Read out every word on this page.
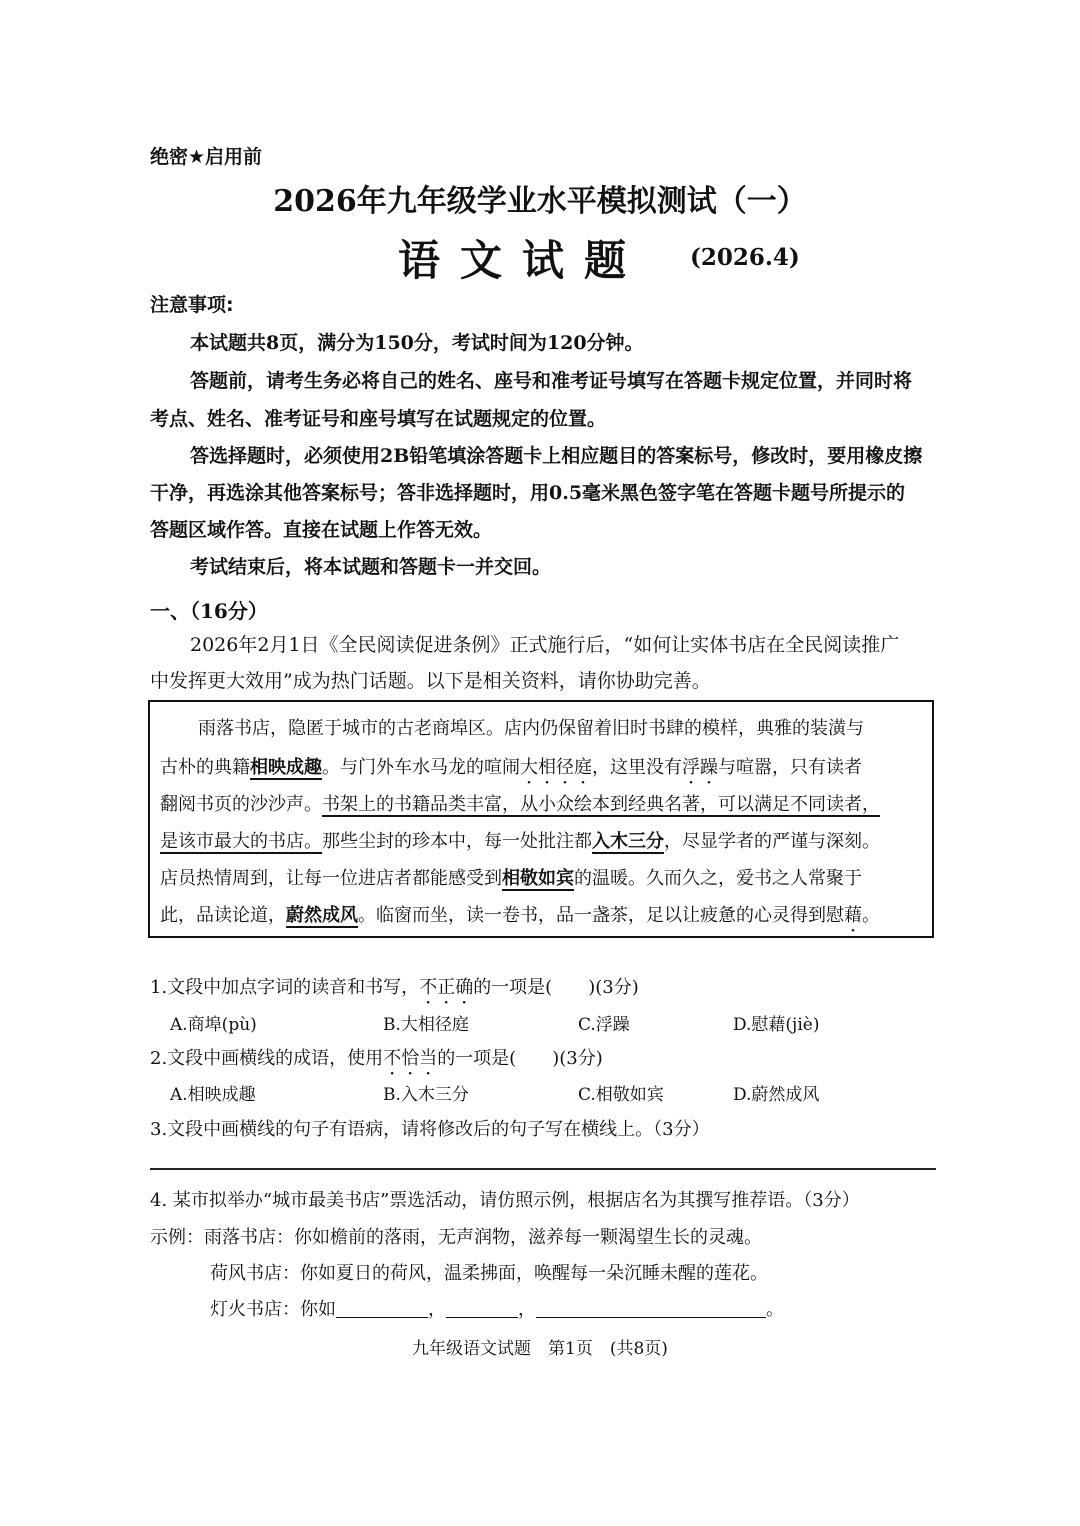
绝密★启用前
2026年九年级学业水平模拟测试（一）
语文试题 (2026.4)
注意事项:
本试题共8页，满分为150分，考试时间为120分钟。
答题前，请考生务必将自己的姓名、座号和准考证号填写在答题卡规定位置，并同时将
考点、姓名、准考证号和座号填写在试题规定的位置。
答选择题时，必须使用2B铅笔填涂答题卡上相应题目的答案标号，修改时，要用橡皮擦
干净，再选涂其他答案标号；答非选择题时，用0.5毫米黑色签字笔在答题卡题号所提示的
答题区域作答。直接在试题上作答无效。
考试结束后，将本试题和答题卡一并交回。
一、（16分）
2026年2月1日《全民阅读促进条例》正式施行后，“如何让实体书店在全民阅读推广
中发挥更大效用”成为热门话题。以下是相关资料，请你协助完善。
雨落书店，隐匿于城市的古老商埠区。店内仍保留着旧时书肆的模样，典雅的装潢与
古朴的典籍相映成趣。与门外车水马龙的喧闹大相径庭，这里没有浮躁与喧嚣，只有读者
翻阅书页的沙沙声。书架上的书籍品类丰富，从小众绘本到经典名著，可以满足不同读者，
是该市最大的书店。那些尘封的珍本中，每一处批注都入木三分，尽显学者的严谨与深刻。
店员热情周到，让每一位进店者都能感受到相敬如宾的温暖。久而久之，爱书之人常聚于
此，品读论道，蔚然成风。临窗而坐，读一卷书，品一盏茶，足以让疲惫的心灵得到慰藉。
1.文段中加点字词的读音和书写，不正确的一项是(　　)(3分)
A.商埠(pù)	B.大相径庭	C.浮躁	D.慰藉(jiè)
2.文段中画横线的成语，使用不恰当的一项是(　　)(3分)
A.相映成趣	B.入木三分	C.相敬如宾	D.蔚然成风
3.文段中画横线的句子有语病，请将修改后的句子写在横线上。（3分）
4. 某市拟举办“城市最美书店”票选活动，请仿照示例，根据店名为其撰写推荐语。（3分）
示例：雨落书店：你如檐前的落雨，无声润物，滋养每一颗渴望生长的灵魂。
荷风书店：你如夏日的荷风，温柔拂面，唤醒每一朵沉睡未醒的莲花。
灯火书店：你如	，	，	。
九年级语文试题　第1页　(共8页)
